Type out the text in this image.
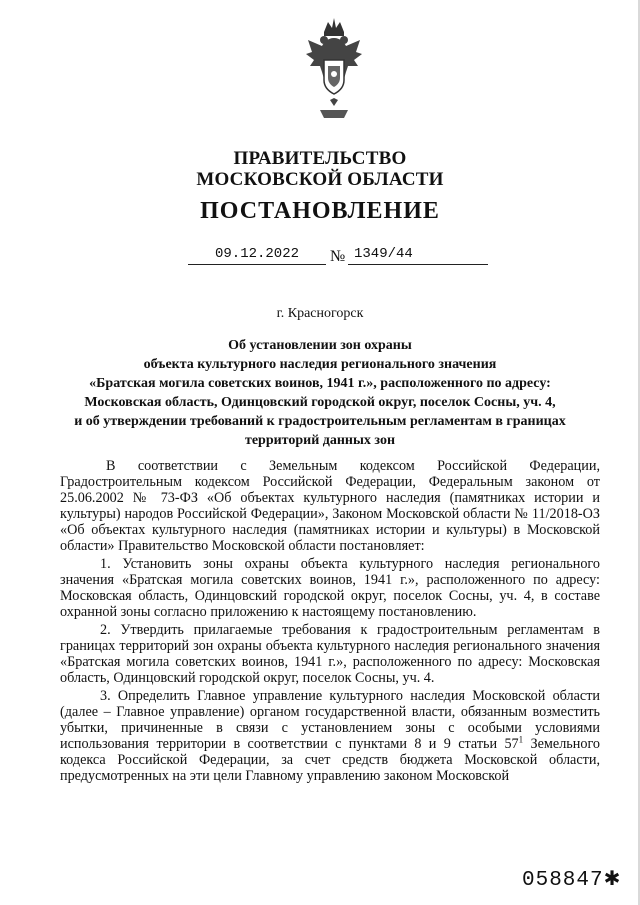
ПРАВИТЕЛЬСТВО
МОСКОВСКОЙ ОБЛАСТИ
ПОСТАНОВЛЕНИЕ
09.12.2022	№ 1349/44
г. Красногорск
Об установлении зон охраны
объекта культурного наследия регионального значения
«Братская могила советских воинов, 1941 г.», расположенного по адресу:
Московская область, Одинцовский городской округ, поселок Сосны, уч. 4,
и об утверждении требований к градостроительным регламентам в границах
территорий данных зон

В соответствии с Земельным кодексом Российской Федерации, Градостроительным кодексом Российской Федерации, Федеральным законом от 25.06.2002 № 73-ФЗ «Об объектах культурного наследия (памятниках истории и культуры) народов Российской Федерации», Законом Московской области № 11/2018-ОЗ «Об объектах культурного наследия (памятниках истории и культуры) в Московской области» Правительство Московской области постановляет:

1. Установить зоны охраны объекта культурного наследия регионального значения «Братская могила советских воинов, 1941 г.», расположенного по адресу: Московская область, Одинцовский городской округ, поселок Сосны, уч. 4, в составе охранной зоны согласно приложению к настоящему постановлению.

2. Утвердить прилагаемые требования к градостроительным регламентам в границах территорий зон охраны объекта культурного наследия регионального значения «Братская могила советских воинов, 1941 г.», расположенного по адресу: Московская область, Одинцовский городской округ, поселок Сосны, уч. 4.

3. Определить Главное управление культурного наследия Московской области (далее – Главное управление) органом государственной власти, обязанным возместить убытки, причиненные в связи с установлением зоны с особыми условиями использования территории в соответствии с пунктами 8 и 9 статьи $57^1$ Земельного кодекса Российской Федерации, за счет средств бюджета Московской области, предусмотренных на эти цели Главному управлению законом Московской

058847✱
